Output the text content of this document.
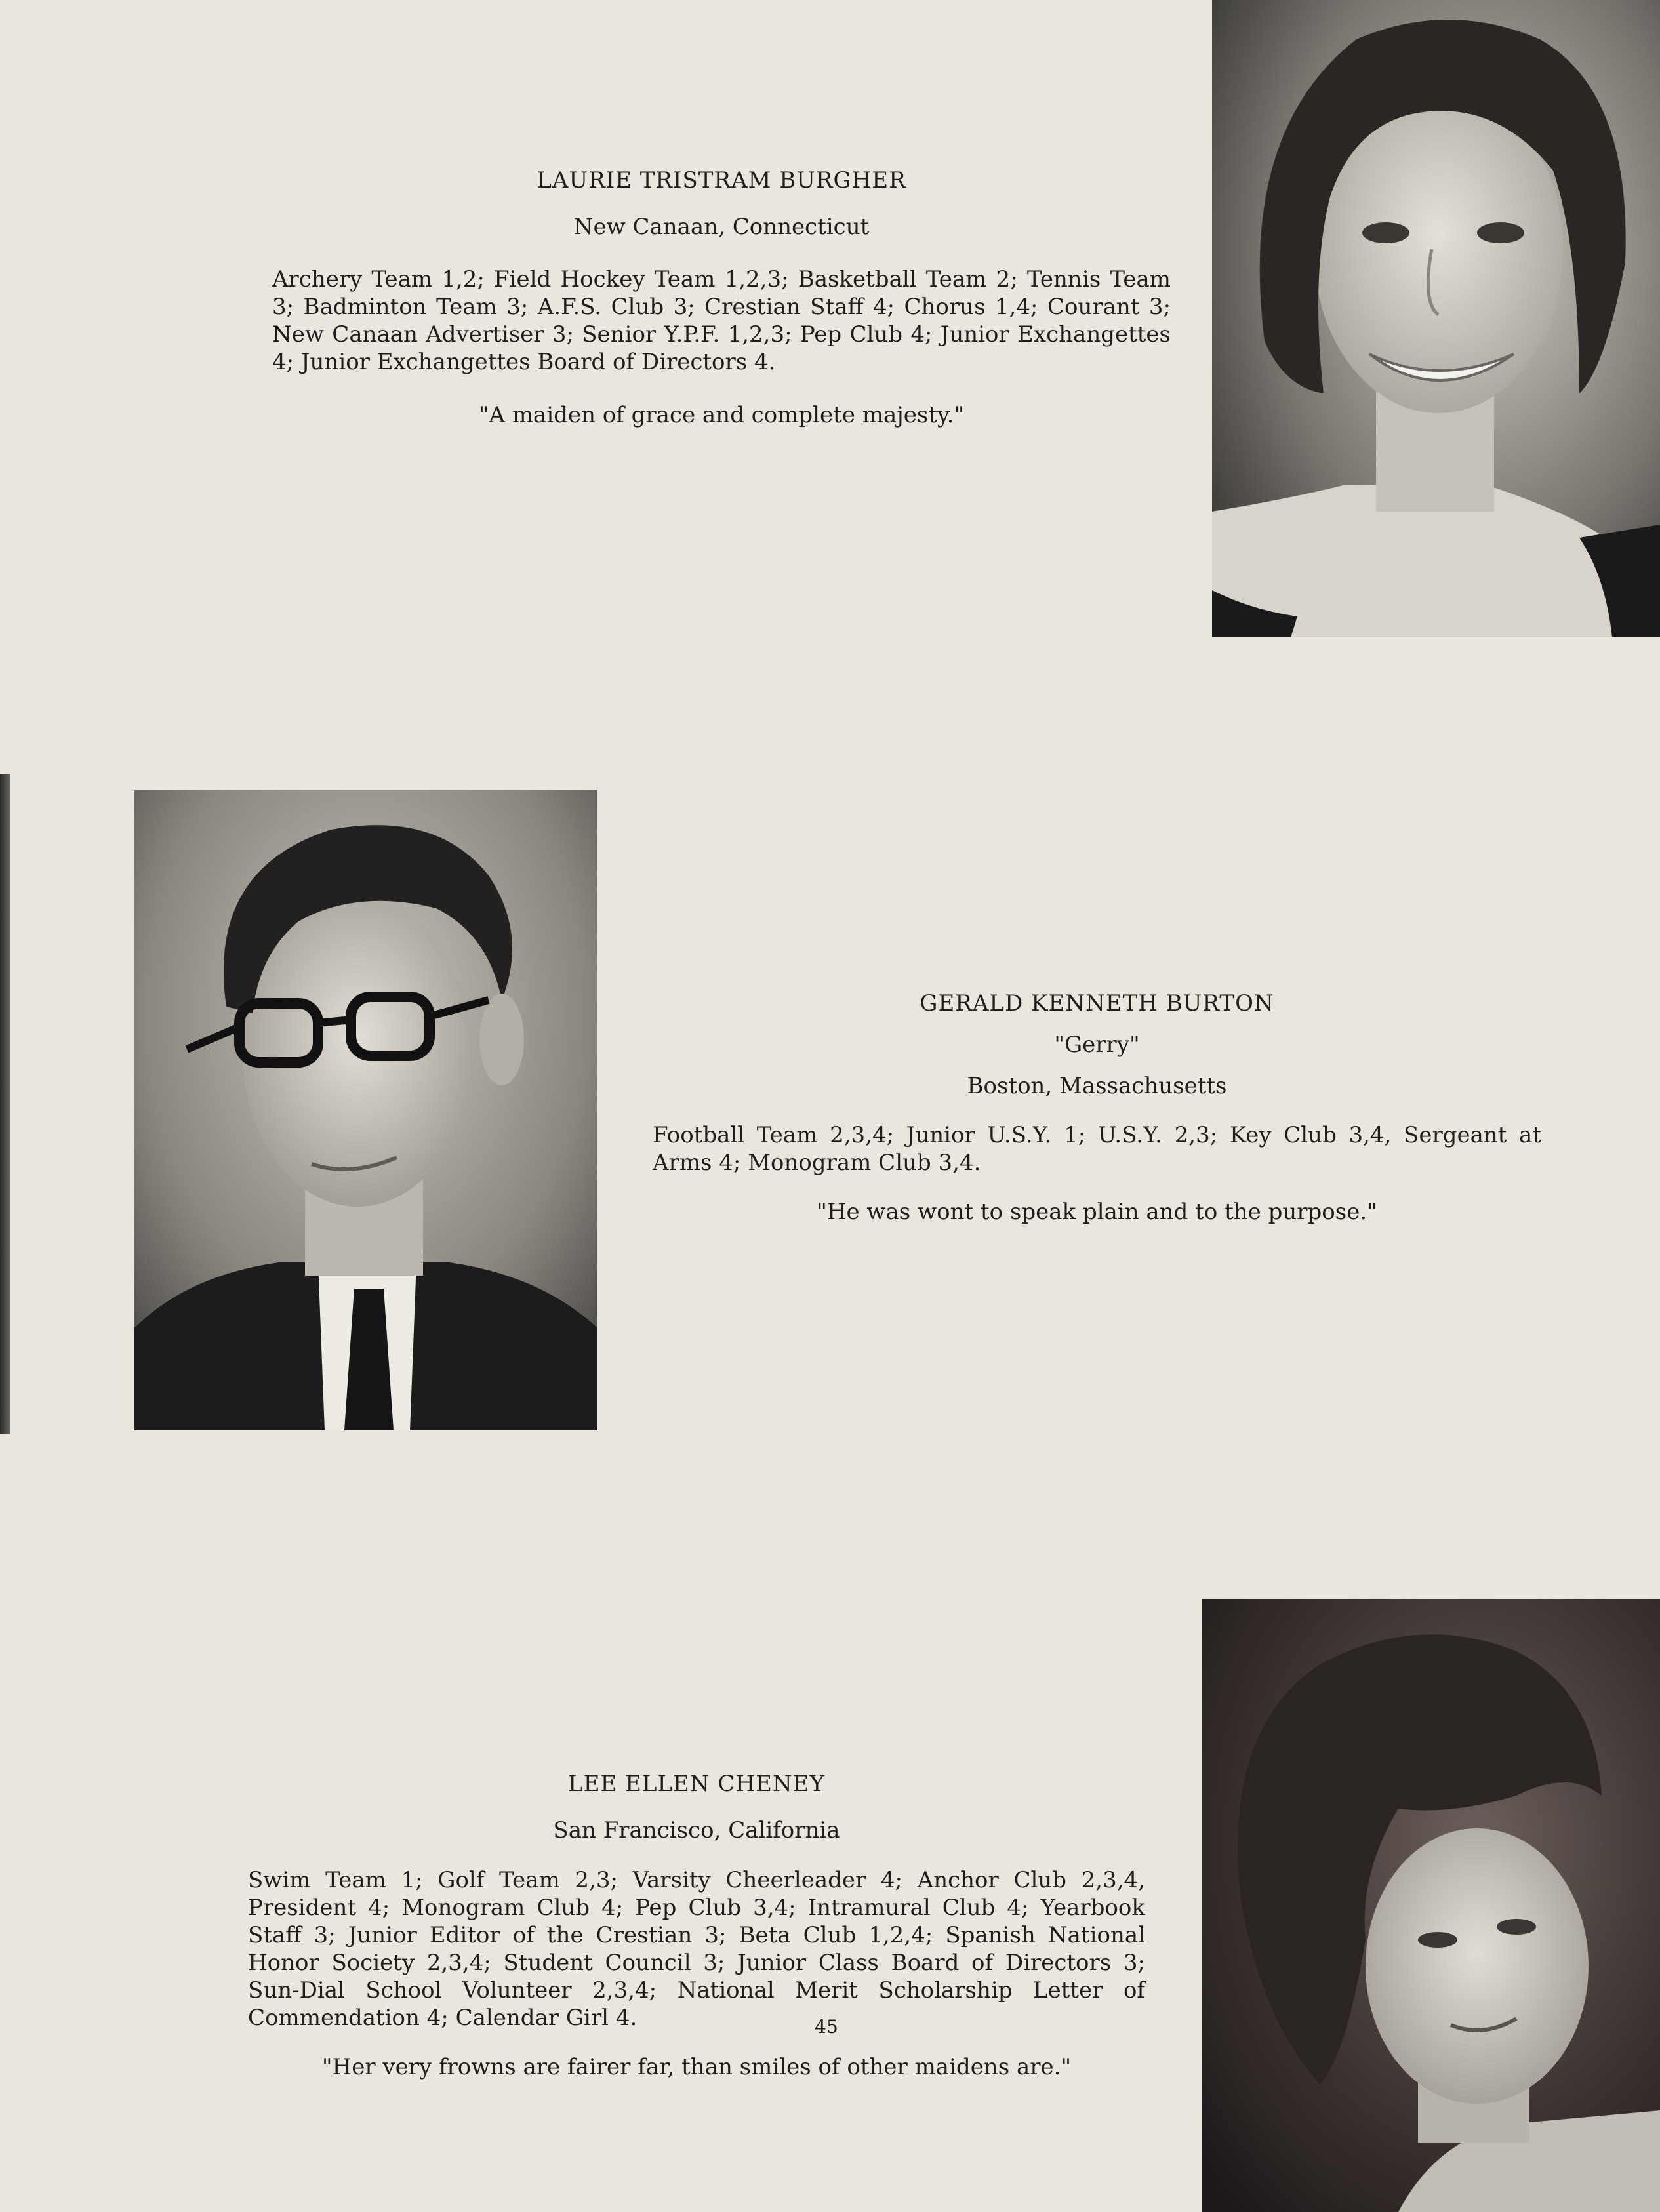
LAURIE TRISTRAM BURGHER

New Canaan, Connecticut

Archery Team 1,2; Field Hockey Team 1,2,3; Basketball Team 2; Tennis Team 3; Badminton Team 3; A.F.S. Club 3; Crestian Staff 4; Chorus 1,4; Courant 3; New Canaan Advertiser 3; Senior Y.P.F. 1,2,3; Pep Club 4; Junior Exchangettes 4; Junior Exchangettes Board of Directors 4.

"A maiden of grace and complete majesty."

GERALD KENNETH BURTON

"Gerry"

Boston, Massachusetts

Football Team 2,3,4; Junior U.S.Y. 1; U.S.Y. 2,3; Key Club 3,4, Sergeant at Arms 4; Monogram Club 3,4.

"He was wont to speak plain and to the purpose."

LEE ELLEN CHENEY

San Francisco, California

Swim Team 1; Golf Team 2,3; Varsity Cheerleader 4; Anchor Club 2,3,4, President 4; Monogram Club 4; Pep Club 3,4; Intramural Club 4; Yearbook Staff 3; Junior Editor of the Crestian 3; Beta Club 1,2,4; Spanish National Honor Society 2,3,4; Student Council 3; Junior Class Board of Directors 3; Sun-Dial School Volunteer 2,3,4; National Merit Scholarship Letter of Commendation 4; Calendar Girl 4.

"Her very frowns are fairer far, than smiles of other maidens are."

45
